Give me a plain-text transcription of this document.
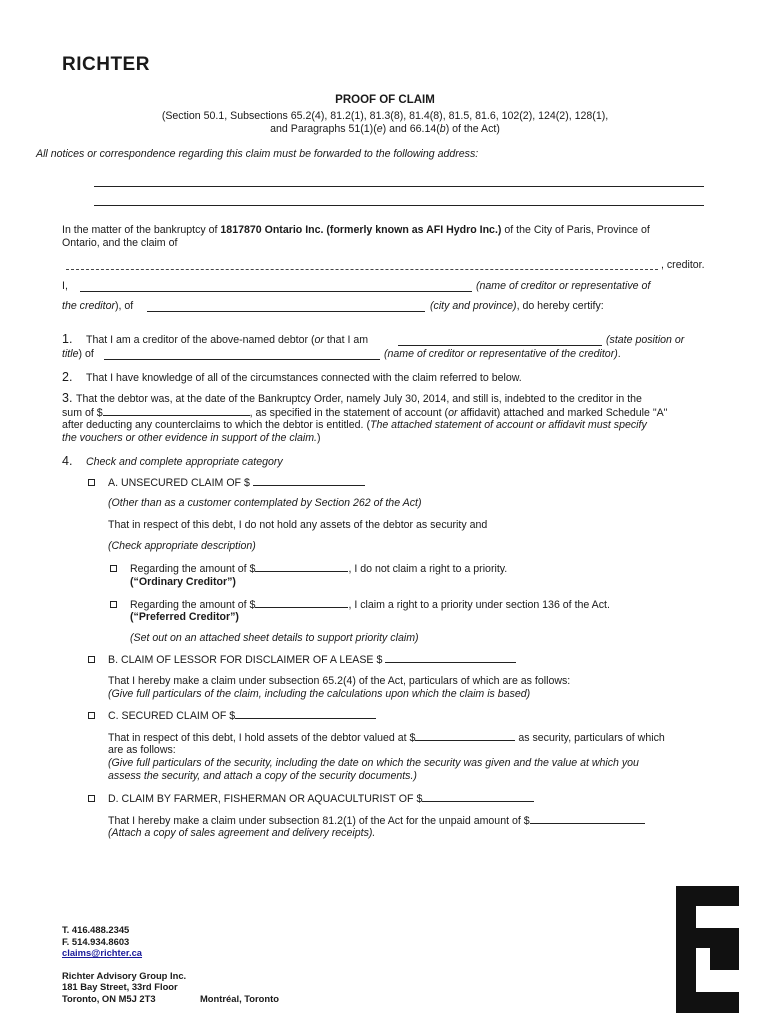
RICHTER
PROOF OF CLAIM
(Section 50.1, Subsections 65.2(4), 81.2(1), 81.3(8), 81.4(8), 81.5, 81.6, 102(2), 124(2), 128(1),
and Paragraphs 51(1)(e) and 66.14(b) of the Act)
All notices or correspondence regarding this claim must be forwarded to the following address:
In the matter of the bankruptcy of 1817870 Ontario Inc. (formerly known as AFI Hydro Inc.) of the City of Paris, Province of
Ontario, and the claim of
, creditor.
I,	(name of creditor or representative of
the creditor), of	(city and province), do hereby certify:
1. That I am a creditor of the above-named debtor (or that I am	(state position or
title) of	(name of creditor or representative of the creditor).
2. That I have knowledge of all of the circumstances connected with the claim referred to below.
3. That the debtor was, at the date of the Bankruptcy Order, namely July 30, 2014, and still is, indebted to the creditor in the
sum of $	, as specified in the statement of account (or affidavit) attached and marked Schedule "A"
after deducting any counterclaims to which the debtor is entitled. (The attached statement of account or affidavit must specify
the vouchers or other evidence in support of the claim.)
4. Check and complete appropriate category
A. UNSECURED CLAIM OF $
(Other than as a customer contemplated by Section 262 of the Act)
That in respect of this debt, I do not hold any assets of the debtor as security and
(Check appropriate description)
Regarding the amount of $	, I do not claim a right to a priority.
(“Ordinary Creditor”)
Regarding the amount of $	, I claim a right to a priority under section 136 of the Act.
(“Preferred Creditor”)
(Set out on an attached sheet details to support priority claim)
B. CLAIM OF LESSOR FOR DISCLAIMER OF A LEASE $
That I hereby make a claim under subsection 65.2(4) of the Act, particulars of which are as follows:
(Give full particulars of the claim, including the calculations upon which the claim is based)
C. SECURED CLAIM OF $
That in respect of this debt, I hold assets of the debtor valued at $	as security, particulars of which
are as follows:
(Give full particulars of the security, including the date on which the security was given and the value at which you
assess the security, and attach a copy of the security documents.)
D. CLAIM BY FARMER, FISHERMAN OR AQUACULTURIST OF $
That I hereby make a claim under subsection 81.2(1) of the Act for the unpaid amount of $
(Attach a copy of sales agreement and delivery receipts).
T. 416.488.2345
F. 514.934.8603
claims@richter.ca
Richter Advisory Group Inc.
181 Bay Street, 33rd Floor
Toronto, ON M5J 2T3	Montréal, Toronto
